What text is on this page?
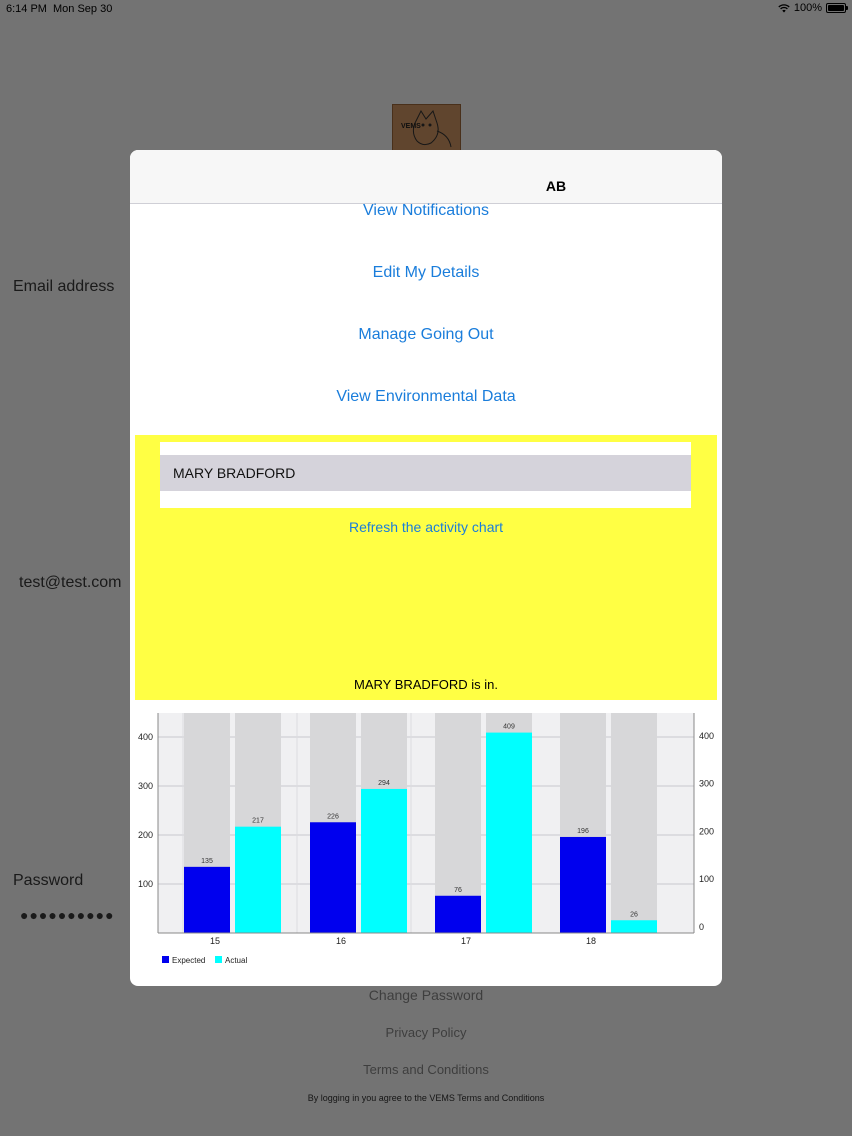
AB
View Notifications
Edit My Details
Manage Going Out
View Environmental Data
MARY BRADFORD
Refresh the activity chart
MARY BRADFORD is in.
135
217
226
294
76
409
196
26
15	16	17	18
100
200
300
400
0
100
200
300
400
Expected Actual
